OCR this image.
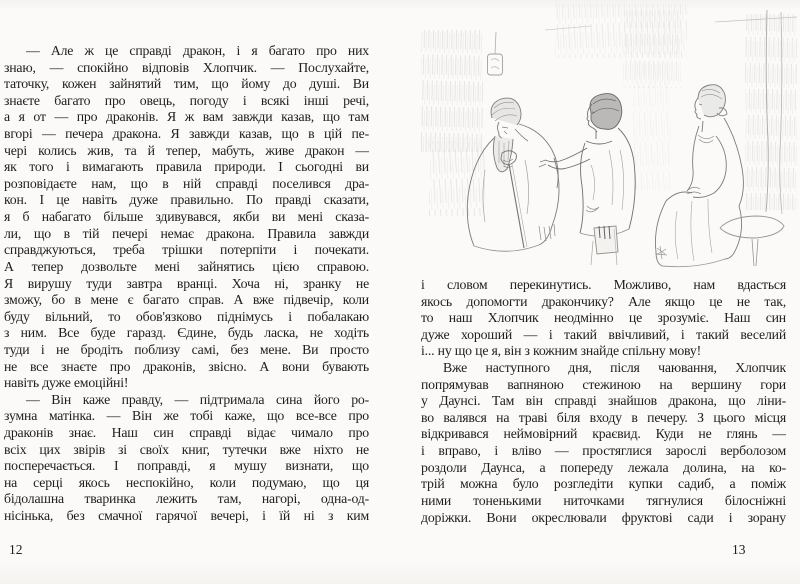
— Але ж це справді дракон, і я багато про них
знаю, — спокійно відповів Хлопчик. — Послухайте,
таточку, кожен зайнятий тим, що йому до душі. Ви
знаєте багато про овець, погоду і всякі інші речі,
а я от — про драконів. Я ж вам завжди казав, що там
вгорі — печера дракона. Я завжди казав, що в цій пе-
чері колись жив, та й тепер, мабуть, живе дракон —
як того і вимагають правила природи. І сьогодні ви
розповідаєте нам, що в ній справді поселився дра-
кон. І це навіть дуже правильно. По правді сказати,
я б набагато більше здивувався, якби ви мені сказа-
ли, що в тій печері немає дракона. Правила завжди
справджуються, треба трішки потерпіти і почекати.
А тепер дозвольте мені зайнятись цією справою.
Я вирушу туди завтра вранці. Хоча ні, зранку не
зможу, бо в мене є багато справ. А вже підвечір, коли
буду вільний, то обов'язково піднімусь і побалакаю
з ним. Все буде гаразд. Єдине, будь ласка, не ходіть
туди і не бродіть поблизу самі, без мене. Ви просто
не все знаєте про драконів, звісно. А вони бувають
навіть дуже емоційні!
— Він каже правду, — підтримала сина його ро-
зумна матінка. — Він же тобі каже, що все-все про
драконів знає. Наш син справді відає чимало про
всіх цих звірів зі своїх книг, тутечки вже ніхто не
посперечається. І поправді, я мушу визнати, що
на серці якось неспокійно, коли подумаю, що ця
бідолашна тваринка лежить там, нагорі, одна-од-
нісінька, без смачної гарячої вечері, і їй ні з ким
і словом перекинутись. Можливо, нам вдасться
якось допомогти дракончику? Але якщо це не так,
то наш Хлопчик неодмінно це зрозуміє. Наш син
дуже хороший — і такий ввічливий, і такий веселий
і... ну що це я, він з кожним знайде спільну мову!
Вже наступного дня, після чаювання, Хлопчик
попрямував вапняною стежиною на вершину гори
у Даунсі. Там він справді знайшов дракона, що ліни-
во валявся на траві біля входу в печеру. З цього місця
відкривався неймовірний краєвид. Куди не глянь —
і вправо, і вліво — простяглися зарослі верболозом
роздоли Даунса, а попереду лежала долина, на ко-
трій можна було розгледіти купки садиб, а поміж
ними тоненькими ниточками тягнулися білосніжні
доріжки. Вони окреслювали фруктові сади і зорану
12	13
